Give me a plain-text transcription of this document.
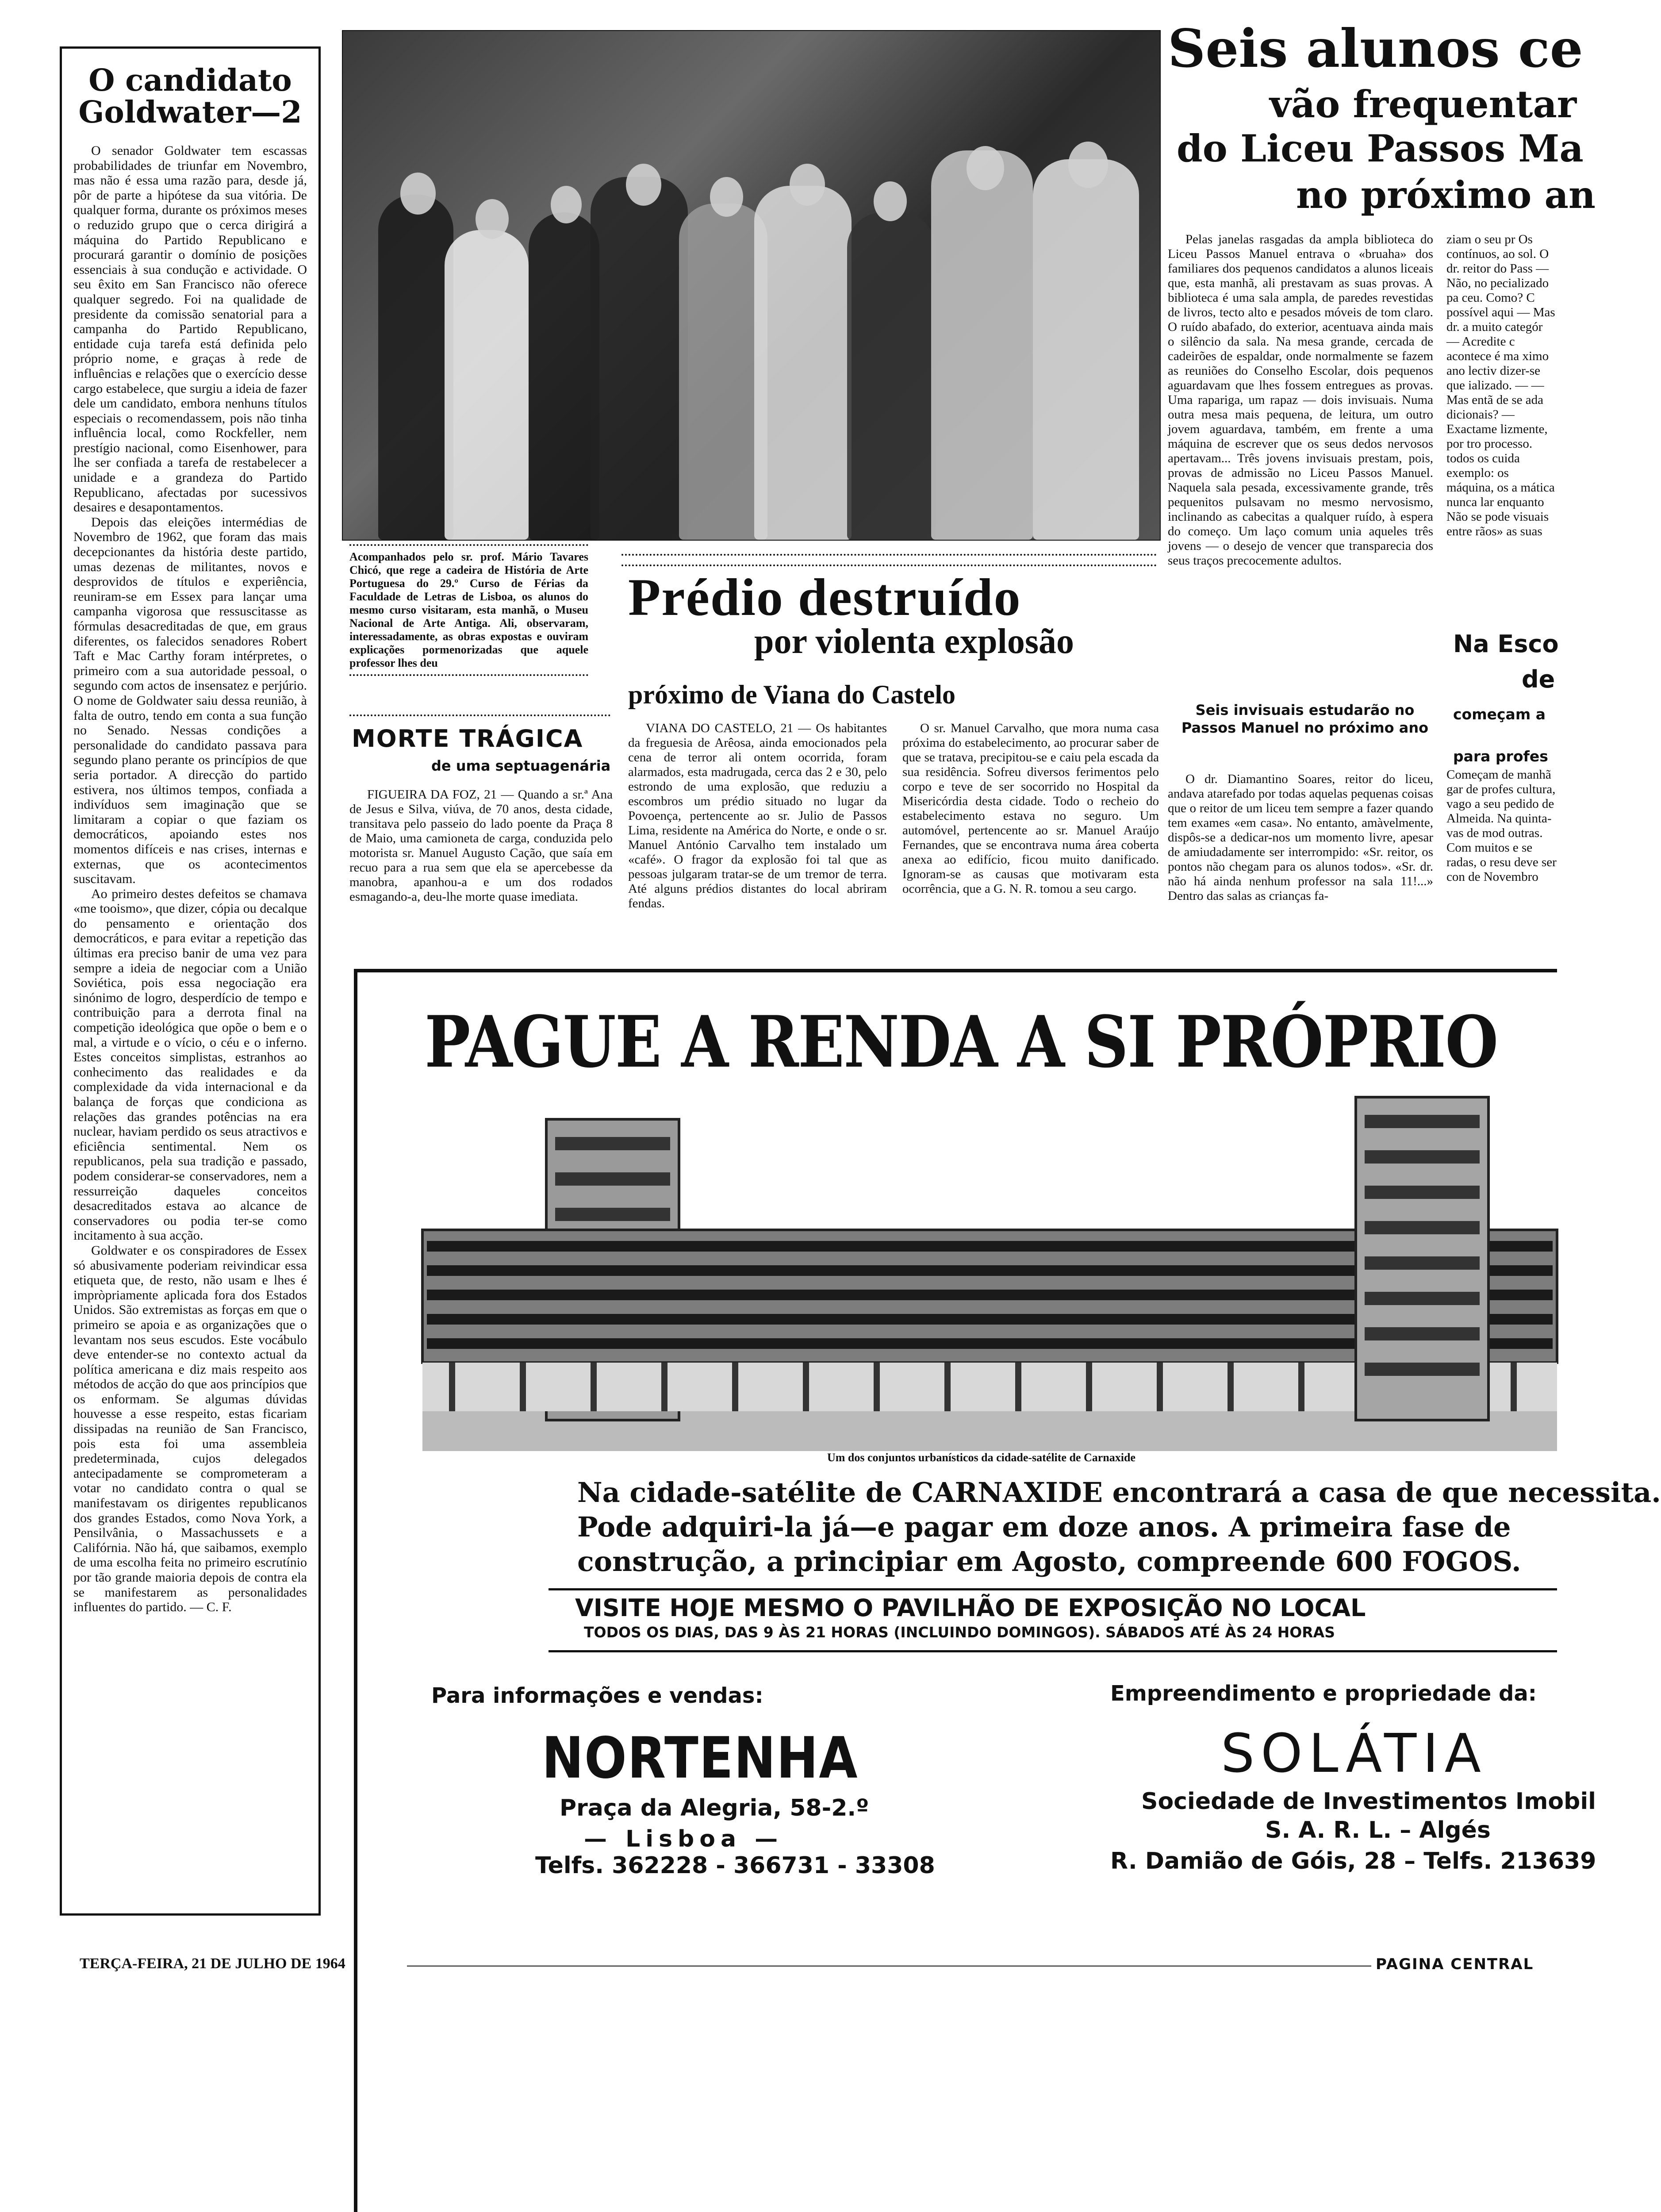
O candidato Goldwater—2

O senador Goldwater tem escassas probabilidades de triunfar em Novembro, mas não é essa uma razão para, desde já, pôr de parte a hipótese da sua vitória. De qualquer forma, durante os próximos meses o reduzido grupo que o cerca dirigirá a máquina do Partido Republicano e procurará garantir o domínio de posições essenciais à sua condução e actividade. O seu êxito em San Francisco não oferece qualquer segredo. Foi na qualidade de presidente da comissão senatorial para a campanha do Partido Republicano, entidade cuja tarefa está definida pelo próprio nome, e graças à rede de influências e relações que o exercício desse cargo estabelece, que surgiu a ideia de fazer dele um candidato, embora nenhuns títulos especiais o recomendassem, pois não tinha influência local, como Rockfeller, nem prestígio nacional, como Eisenhower, para lhe ser confiada a tarefa de restabelecer a unidade e a grandeza do Partido Republicano, afectadas por sucessivos desaires e desapontamentos.

Depois das eleições intermédias de Novembro de 1962, que foram das mais decepcionantes da história deste partido, umas dezenas de militantes, novos e desprovidos de títulos e experiência, reuniram-se em Essex para lançar uma campanha vigorosa que ressuscitasse as fórmulas desacreditadas de que, em graus diferentes, os falecidos senadores Robert Taft e Mac Carthy foram intérpretes, o primeiro com a sua autoridade pessoal, o segundo com actos de insensatez e perjúrio. O nome de Goldwater saiu dessa reunião, à falta de outro, tendo em conta a sua função no Senado. Nessas condições a personalidade do candidato passava para segundo plano perante os princípios de que seria portador. A direcção do partido estivera, nos últimos tempos, confiada a indivíduos sem imaginação que se limitaram a copiar o que faziam os democráticos, apoiando estes nos momentos difíceis e nas crises, internas e externas, que os acontecimentos suscitavam.

Ao primeiro destes defeitos se chamava «me tooismo», que dizer, cópia ou decalque do pensamento e orientação dos democráticos, e para evitar a repetição das últimas era preciso banir de uma vez para sempre a ideia de negociar com a União Soviética, pois essa negociação era sinónimo de logro, desperdício de tempo e contribuição para a derrota final na competição ideológica que opõe o bem e o mal, a virtude e o vício, o céu e o inferno. Estes conceitos simplistas, estranhos ao conhecimento das realidades e da complexidade da vida internacional e da balança de forças que condiciona as relações das grandes potências na era nuclear, haviam perdido os seus atractivos e eficiência sentimental. Nem os republicanos, pela sua tradição e passado, podem considerar-se conservadores, nem a ressurreição daqueles conceitos desacreditados estava ao alcance de conservadores ou podia ter-se como incitamento à sua acção.

Goldwater e os conspiradores de Essex só abusivamente poderiam reivindicar essa etiqueta que, de resto, não usam e lhes é impròpriamente aplicada fora dos Estados Unidos. São extremistas as forças em que o primeiro se apoia e as organizações que o levantam nos seus escudos. Este vocábulo deve entender-se no contexto actual da política americana e diz mais respeito aos métodos de acção do que aos princípios que os enformam. Se algumas dúvidas houvesse a esse respeito, estas ficariam dissipadas na reunião de San Francisco, pois esta foi uma assembleia predeterminada, cujos delegados antecipadamente se comprometeram a votar no candidato contra o qual se manifestavam os dirigentes republicanos dos grandes Estados, como Nova York, a Pensilvânia, o Massachussets e a Califórnia. Não há, que saibamos, exemplo de uma escolha feita no primeiro escrutínio por tão grande maioria depois de contra ela se manifestarem as personalidades influentes do partido. — C. F.

Acompanhados pelo sr. prof. Mário Tavares Chicó, que rege a cadeira de História de Arte Portuguesa do 29.º Curso de Férias da Faculdade de Letras de Lisboa, os alunos do mesmo curso visitaram, esta manhã, o Museu Nacional de Arte Antiga. Ali, observaram, interessadamente, as obras expostas e ouviram explicações pormenorizadas que aquele professor lhes deu
MORTE TRÁGICA
de uma septuagenária

FIGUEIRA DA FOZ, 21 — Quando a sr.ª Ana de Jesus e Silva, viúva, de 70 anos, desta cidade, transitava pelo passeio do lado poente da Praça 8 de Maio, uma camioneta de carga, conduzida pelo motorista sr. Manuel Augusto Cação, que saía em recuo para a rua sem que ela se apercebesse da manobra, apanhou-a e um dos rodados esmagando-a, deu-lhe morte quase imediata.

Prédio destruído
por violenta explosão
próximo de Viana do Castelo

VIANA DO CASTELO, 21 — Os habitantes da freguesia de Arêosa, ainda emocionados pela cena de terror ali ontem ocorrida, foram alarmados, esta madrugada, cerca das 2 e 30, pelo estrondo de uma explosão, que reduziu a escombros um prédio situado no lugar da Povoença, pertencente ao sr. Julio de Passos Lima, residente na América do Norte, e onde o sr. Manuel António Carvalho tem instalado um «café». O fragor da explosão foi tal que as pessoas julgaram tratar-se de um tremor de terra. Até alguns prédios distantes do local abriram fendas.

O sr. Manuel Carvalho, que mora numa casa próxima do estabelecimento, ao procurar saber de que se tratava, precipitou-se e caiu pela escada da sua residência. Sofreu diversos ferimentos pelo corpo e teve de ser socorrido no Hospital da Misericórdia desta cidade. Todo o recheio do estabelecimento estava no seguro. Um automóvel, pertencente ao sr. Manuel Araújo Fernandes, que se encontrava numa área coberta anexa ao edifício, ficou muito danificado. Ignoram-se as causas que motivaram esta ocorrência, que a G. N. R. tomou a seu cargo.

Seis alunos ce
vão frequentar
do Liceu Passos Ma
no próximo an

Pelas janelas rasgadas da ampla biblioteca do Liceu Passos Manuel entrava o «bruaha» dos familiares dos pequenos candidatos a alunos liceais que, esta manhã, ali prestavam as suas provas. A biblioteca é uma sala ampla, de paredes revestidas de livros, tecto alto e pesados móveis de tom claro. O ruído abafado, do exterior, acentuava ainda mais o silêncio da sala. Na mesa grande, cercada de cadeirões de espaldar, onde normalmente se fazem as reuniões do Conselho Escolar, dois pequenos aguardavam que lhes fossem entregues as provas. Uma rapariga, um rapaz — dois invisuais. Numa outra mesa mais pequena, de leitura, um outro jovem aguardava, também, em frente a uma máquina de escrever que os seus dedos nervosos apertavam... Três jovens invisuais prestam, pois, provas de admissão no Liceu Passos Manuel. Naquela sala pesada, excessivamente grande, três pequenitos pulsavam no mesmo nervosismo, inclinando as cabecitas a qualquer ruído, à espera do começo. Um laço comum unia aqueles três jovens — o desejo de vencer que transparecia dos seus traços precocemente adultos.

Seis invisuais estudarão no Passos Manuel no próximo ano

O dr. Diamantino Soares, reitor do liceu, andava atarefado por todas aquelas pequenas coisas que o reitor de um liceu tem sempre a fazer quando tem exames «em casa». No entanto, amàvelmente, dispôs-se a dedicar-nos um momento livre, apesar de amiudadamente ser interrompido: «Sr. reitor, os pontos não chegam para os alunos todos». «Sr. dr. não há ainda nenhum professor na sala 11!...» Dentro das salas as crianças fa-

ziam o seu pr Os contínuos, ao sol. O dr. reitor do Pass — Não, no pecializado pa ceu. Como? C possível aqui — Mas dr. a muito categór — Acredite c acontece é ma ximo ano lectiv dizer-se que ializado. — — Mas entã de se ada dicionais? — Exactame lizmente, por tro processo. todos os cuida exemplo: os máquina, os a mática nunca lar enquanto Não se pode visuais entre rãos» as suas

Na Esco
de
começam a
para profes

Começam de manhã gar de profes cultura, vago a seu pedido de Almeida. Na quinta- vas de mod outras. Com muitos e se radas, o resu deve ser con de Novembro

PAGUE A RENDA A SI PRÓPRIO
Um dos conjuntos urbanísticos da cidade-satélite de Carnaxide
Na cidade-satélite de CARNAXIDE encontrará a casa de que necessita.
Pode adquiri-la já—e pagar em doze anos. A primeira fase de
construção, a principiar em Agosto, compreende 600 FOGOS.
VISITE HOJE MESMO O PAVILHÃO DE EXPOSIÇÃO NO LOCAL
TODOS OS DIAS, DAS 9 ÀS 21 HORAS (INCLUINDO DOMINGOS). SÁBADOS ATÉ ÀS 24 HORAS
Para informações e vendas:
NORTENHA
Praça da Alegria, 58-2.º
— Lisboa —
Telfs. 362228 - 366731 - 33308
Empreendimento e propriedade da:
SOLÁTIA
Sociedade de Investimentos Imobil
S. A. R. L. – Algés
R. Damião de Góis, 28 – Telfs. 213639
TERÇA-FEIRA, 21 DE JULHO DE 1964	PAGINA CENTRAL
